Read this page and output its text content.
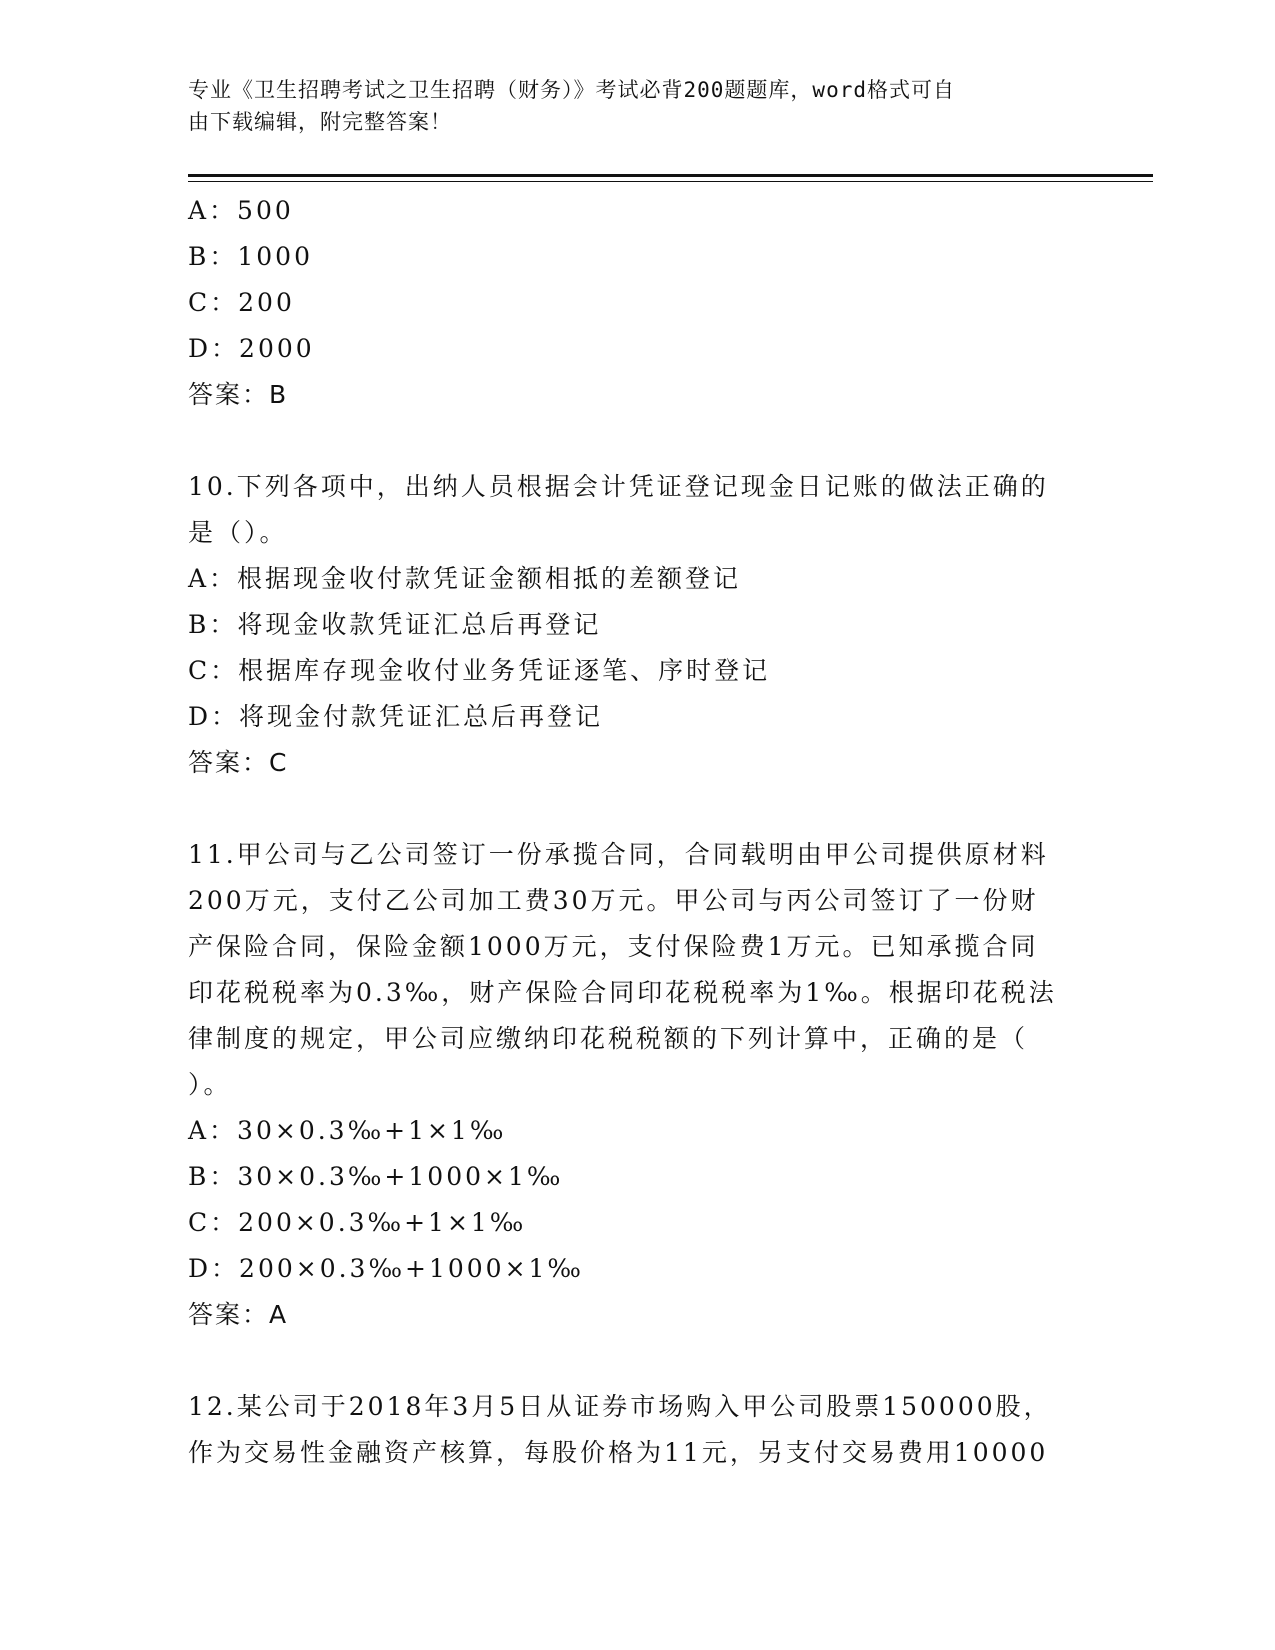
专业《卫生招聘考试之卫生招聘（财务）》考试必背200题题库，word格式可自
由下载编辑，附完整答案！
A：500
B：1000
C：200
D：2000
答案：B
10.下列各项中，出纳人员根据会计凭证登记现金日记账的做法正确的
是（）。
A：根据现金收付款凭证金额相抵的差额登记
B：将现金收款凭证汇总后再登记
C：根据库存现金收付业务凭证逐笔、序时登记
D：将现金付款凭证汇总后再登记
答案：C
11.甲公司与乙公司签订一份承揽合同，合同载明由甲公司提供原材料
200万元，支付乙公司加工费30万元。甲公司与丙公司签订了一份财
产保险合同，保险金额1000万元，支付保险费1万元。已知承揽合同
印花税税率为0.3‰，财产保险合同印花税税率为1‰。根据印花税法
律制度的规定，甲公司应缴纳印花税税额的下列计算中，正确的是（
）。
A：30×0.3‰+1×1‰
B：30×0.3‰+1000×1‰
C：200×0.3‰+1×1‰
D：200×0.3‰+1000×1‰
答案：A
12.某公司于2018年3月5日从证券市场购入甲公司股票150000股，
作为交易性金融资产核算，每股价格为11元，另支付交易费用10000
